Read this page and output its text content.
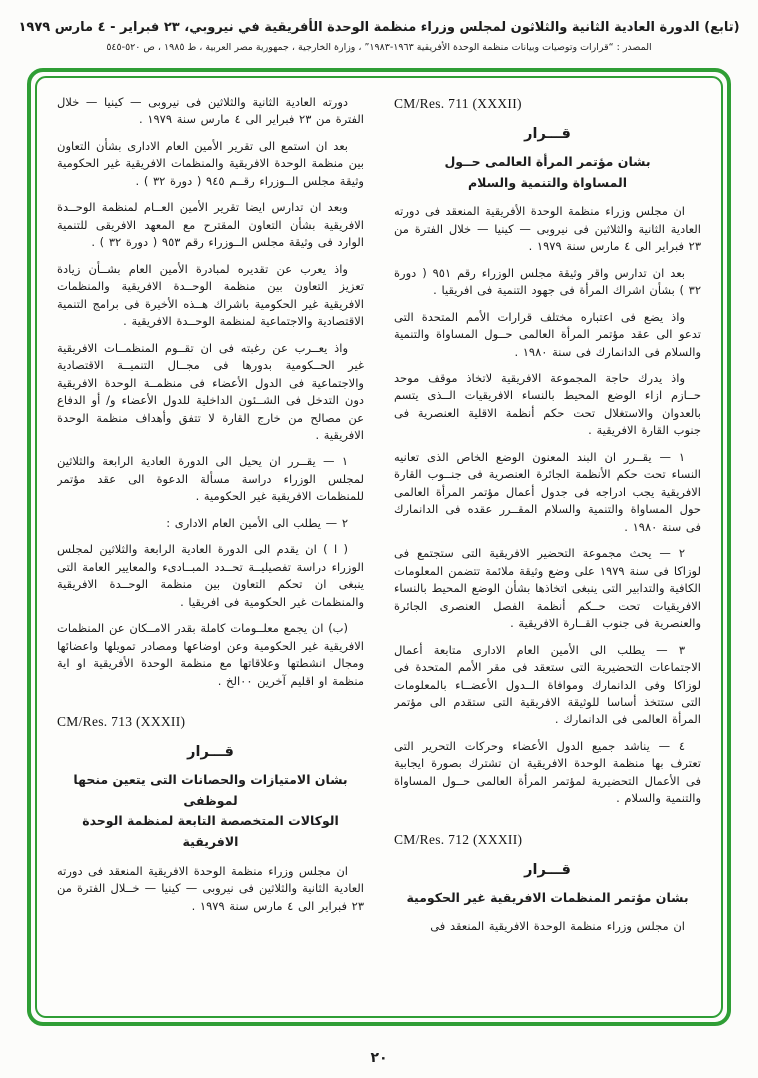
(تابع) الدورة العادية الثانية والثلاثون لمجلس وزراء منظمة الوحدة الأفريقية في نيروبي، ٢٣ فبراير - ٤ مارس ١٩٧٩
المصدر : “قرارات وتوصيات وبيانات منظمة الوحدة الأفريقية ١٩٦٣-١٩٨٣” ، وزارة الخارجية ، جمهورية مصر العربية ، ط ١٩٨٥ ، ص ٥٢٠-٥٤٥
CM/Res. 711 (XXXII)
قـــرار
بشان مؤتمر المرأة العالمى حــول
المساواة والتنمية والسلام

ان مجلس وزراء منظمة الوحدة الأفريقية المنعقد فى دورته العادية الثانية والثلاثين فى نيروبى — كينيا — خلال الفترة من ٢٣ فبراير الى ٤ مارس سنة ١٩٧٩ .

بعد ان تدارس واقر وثيقة مجلس الوزراء رقم ٩٥١ ( دورة ٣٢ ) بشأن اشراك المرأة فى جهود التنمية فى افريقيا .

واذ يضع فى اعتباره مختلف قرارات الأمم المتحدة التى تدعو الى عقد مؤتمر المرأة العالمى حــول المساواة والتنمية والسلام فى الدانمارك فى سنة ١٩٨٠ .

واذ يدرك حاجة المجموعة الافريقية لاتخاذ موقف موحد حــازم ازاء الوضع المحيط بالنساء الافريقيات الــذى يتسم بالعدوان والاستغلال تحت حكم أنظمة الاقلية العنصرية فى جنوب القارة الافريقية .

١ — يقــرر ان البند المعنون الوضع الخاص الذى تعانيه النساء تحت حكم الأنظمة الجائرة العنصرية فى جنــوب القارة الافريقية يجب ادراجه فى جدول أعمال مؤتمر المرأة العالمى حول المساواة والتنمية والسلام المقــرر عقده فى الدانمارك فى سنة ١٩٨٠ .

٢ — يحث مجموعة التحضير الافريقية التى ستجتمع فى لوزاكا فى سنة ١٩٧٩ على وضع وثيقة ملائمة تتضمن المعلومات الكافية والتدابير التى ينبغى اتخاذها بشأن الوضع المحيط بالنساء الافريقيات تحت حــكم أنظمة الفصل العنصرى الجائرة والعنصرية فى جنوب القــارة الافريقية .

٣ — يطلب الى الأمين العام الادارى متابعة أعمال الاجتماعات التحضيرية التى ستعقد فى مقر الأمم المتحدة فى لوزاكا وفى الدانمارك وموافاة الــدول الأعضــاء بالمعلومات التى ستتخذ أساسا للوثيقة الافريقية التى ستقدم الى مؤتمر المرأة العالمى فى الدانمارك .

٤ — يناشد جميع الدول الأعضاء وحركات التحرير التى تعترف بها منظمة الوحدة الافريقية ان تشترك بصورة ايجابية فى الأعمال التحضيرية لمؤتمر المرأة العالمى حــول المساواة والتنمية والسلام .

CM/Res. 712 (XXXII)
قـــرار
بشان مؤتمر المنظمات الافريقية غير الحكومية

ان مجلس وزراء منظمة الوحدة الافريقية المنعقد فى

دورته العادية الثانية والثلاثين فى نيروبى — كينيا — خلال الفترة من ٢٣ فبراير الى ٤ مارس سنة ١٩٧٩ .

بعد ان استمع الى تقرير الأمين العام الادارى بشأن التعاون بين منظمة الوحدة الافريقية والمنظمات الافريقية غير الحكومية وثيقة مجلس الــوزراء رقــم ٩٤٥ ( دورة ٣٢ ) .

وبعد ان تدارس ايضا تقرير الأمين العــام لمنظمة الوحــدة الافريقية بشأن التعاون المقترح مع المعهد الافريقى للتنمية الوارد فى وثيقة مجلس الــوزراء رقم ٩٥٣ ( دورة ٣٢ ) .

واذ يعرب عن تقديره لمبادرة الأمين العام بشــأن زيادة تعزيز التعاون بين منظمة الوحــدة الافريقية والمنظمات الافريقية غير الحكومية باشراك هــذه الأخيرة فى برامج التنمية الاقتصادية والاجتماعية لمنظمة الوحــدة الافريقية .

واذ يعــرب عن رغبته فى ان تقــوم المنظمــات الافريقية غير الحــكومية بدورها فى مجــال التنميــة الاقتصادية والاجتماعية فى الدول الأعضاء فى منظمــة الوحدة الافريقية دون التدخل فى الشــئون الداخلية للدول الأعضاء و/ أو الدفاع عن مصالح من خارج القارة لا تتفق وأهداف منظمة الوحدة الافريقية .

١ — يقــرر ان يحيل الى الدورة العادية الرابعة والثلاثين لمجلس الوزراء دراسة مسألة الدعوة الى عقد مؤتمر للمنظمات الافريقية غير الحكومية .

٢ — يطلب الى الأمين العام الادارى :

( ا ) ان يقدم الى الدورة العادية الرابعة والثلاثين لمجلس الوزراء دراسة تفصيليــة تحــدد المبــادىء والمعايير العامة التى ينبغى ان تحكم التعاون بين منظمة الوحــدة الافريقية والمنظمات غير الحكومية فى افريقيا .

(ب) ان يجمع معلــومات كاملة بقدر الامــكان عن المنظمات الافريقية غير الحكومية وعن اوضاعها ومصادر تمويلها واعضائها ومجال انشطتها وعلاقاتها مع منظمة الوحدة الأفريقية او اية منظمة او اقليم آخرين ٠٠الخ .

CM/Res. 713 (XXXII)
قـــرار
بشان الامتيازات والحصانات التى يتعين منحها لموظفى
الوكالات المتخصصة التابعة لمنظمة الوحدة الافريقية

ان مجلس وزراء منظمة الوحدة الافريقية المنعقد فى دورته العادية الثانية والثلاثين فى نيروبى — كينيا — خــلال الفترة من ٢٣ فبراير الى ٤ مارس سنة ١٩٧٩ .

٢٠
